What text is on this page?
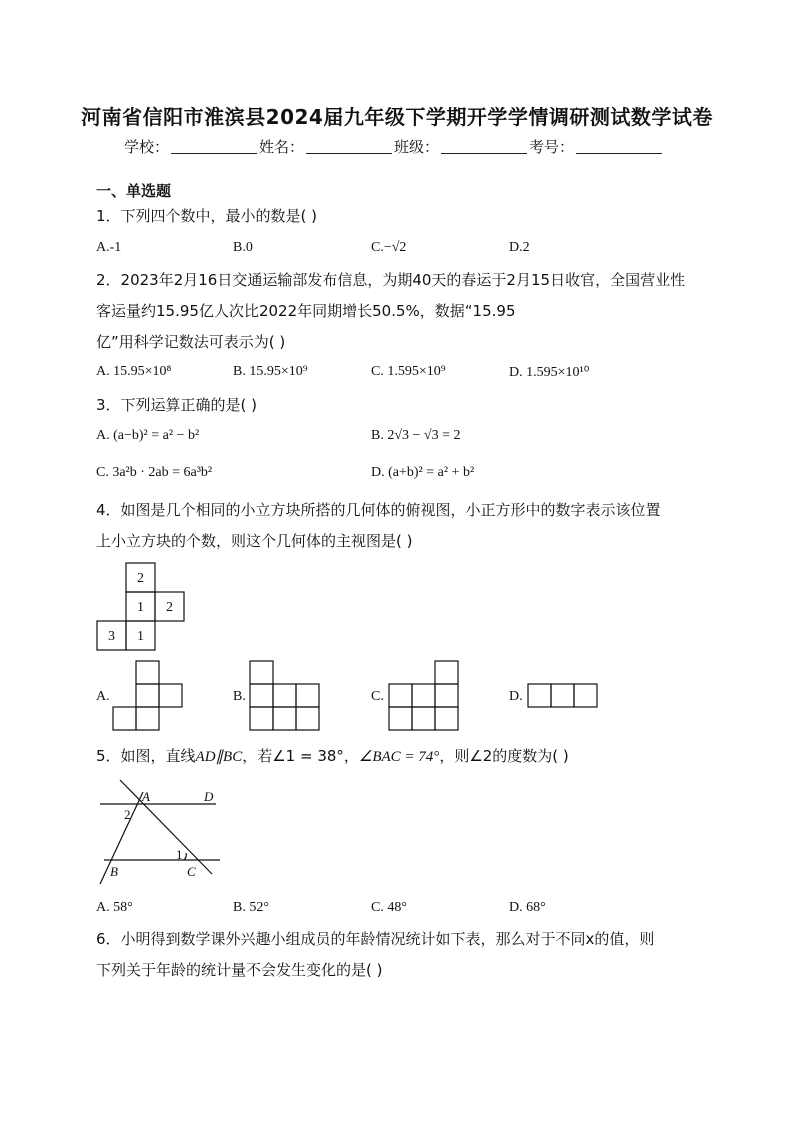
河南省信阳市淮滨县2024届九年级下学期开学学情调研测试数学试卷
学校：	姓名：	班级：	考号：
一、单选题
1．下列四个数中，最小的数是( )
A.-1	B.0	C.−√2	D.2
2．2023年2月16日交通运输部发布信息，为期40天的春运于2月15日收官，全国营业性
客运量约15.95亿人次比2022年同期增长50.5%，数据“15.95
亿”用科学记数法可表示为( )
A. 15.95×10⁸	B. 15.95×10⁹	C. 1.595×10⁹	D. 1.595×10¹⁰
3．下列运算正确的是( )
A. (a−b)² = a² − b²	B. 2√3 − √3 = 2
C. 3a²b · 2ab = 6a³b²	D. (a+b)² = a² + b²
4．如图是几个相同的小立方块所搭的几何体的俯视图，小正方形中的数字表示该位置
上小立方块的个数，则这个几何体的主视图是( )
2
1 2
3 1
A.	B.	C.	D.
5．如图，直线AD∥BC，若∠1 = 38°，∠BAC = 74°，则∠2的度数为( )
A	D
2
1
B	C
A. 58°	B. 52°	C. 48°	D. 68°
6．小明得到数学课外兴趣小组成员的年龄情况统计如下表，那么对于不同x的值，则
下列关于年龄的统计量不会发生变化的是( )
